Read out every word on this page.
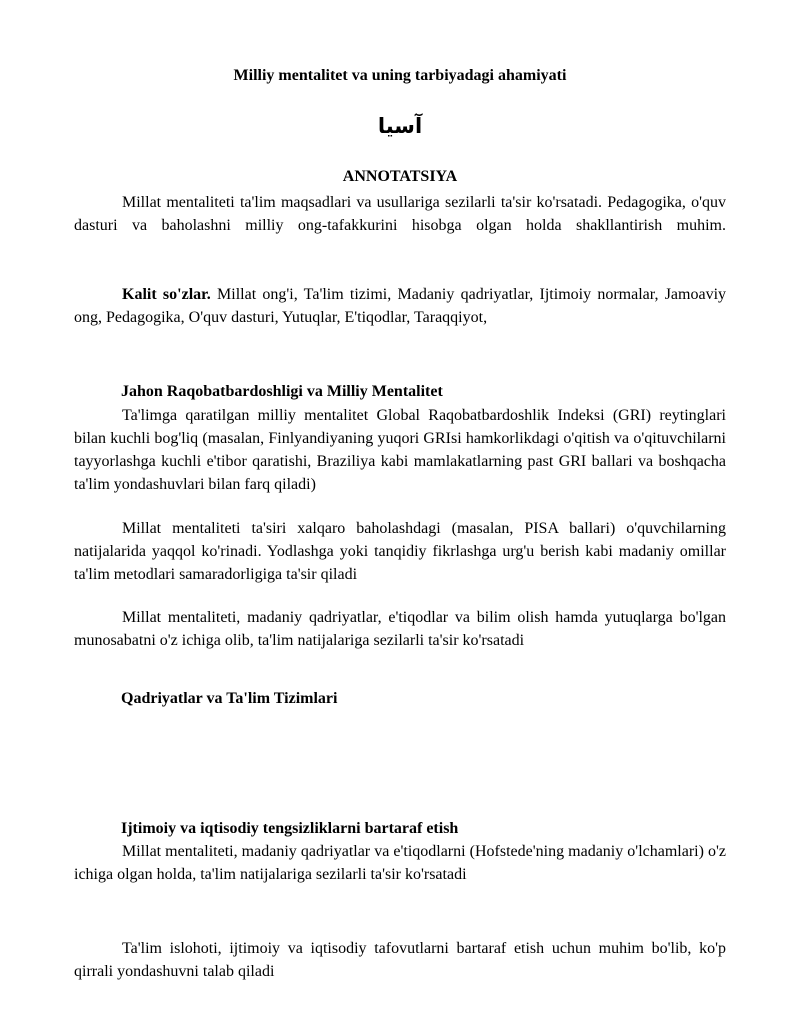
Milliy mentalitet va uning tarbiyadagi ahamiyati
آسیا
ANNOTATSIYA

Millat mentaliteti ta'lim maqsadlari va usullariga sezilarli ta'sir ko'rsatadi. Pedagogika, o'quv dasturi va baholashni milliy ong-tafakkurini hisobga olgan holda shakllantirish muhim.

Kalit so'zlar. Millat ong'i, Ta'lim tizimi, Madaniy qadriyatlar, Ijtimoiy normalar, Jamoaviy ong, Pedagogika, O'quv dasturi, Yutuqlar, E'tiqodlar, Taraqqiyot,

Jahon Raqobatbardoshligi va Milliy Mentalitet

Ta'limga qaratilgan milliy mentalitet Global Raqobatbardoshlik Indeksi (GRI) reytinglari bilan kuchli bog'liq (masalan, Finlyandiyaning yuqori GRIsi hamkorlikdagi o'qitish va o'qituvchilarni tayyorlashga kuchli e'tibor qaratishi, Braziliya kabi mamlakatlarning past GRI ballari va boshqacha ta'lim yondashuvlari bilan farq qiladi)

Millat mentaliteti ta'siri xalqaro baholashdagi (masalan, PISA ballari) o'quvchilarning natijalarida yaqqol ko'rinadi. Yodlashga yoki tanqidiy fikrlashga urg'u berish kabi madaniy omillar ta'lim metodlari samaradorligiga ta'sir qiladi

Millat mentaliteti, madaniy qadriyatlar, e'tiqodlar va bilim olish hamda yutuqlarga bo'lgan munosabatni o'z ichiga olib, ta'lim natijalariga sezilarli ta'sir ko'rsatadi

Qadriyatlar va Ta'lim Tizimlari
Ijtimoiy va iqtisodiy tengsizliklarni bartaraf etish

Millat mentaliteti, madaniy qadriyatlar va e'tiqodlarni (Hofstede'ning madaniy o'lchamlari) o'z ichiga olgan holda, ta'lim natijalariga sezilarli ta'sir ko'rsatadi

Ta'lim islohoti, ijtimoiy va iqtisodiy tafovutlarni bartaraf etish uchun muhim bo'lib, ko'p qirrali yondashuvni talab qiladi
